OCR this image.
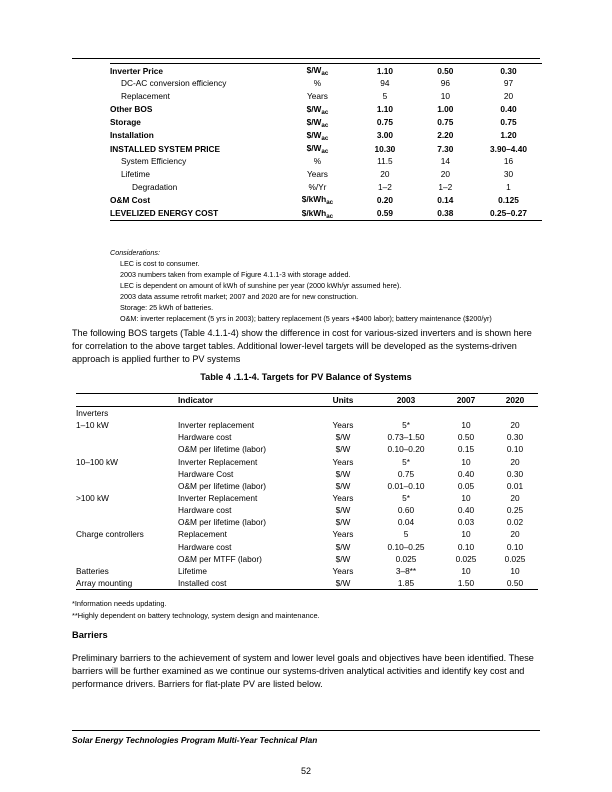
Inverter Price	$\$/W_{ac}$	1.10	0.50	0.30
DC-AC conversion efficiency	%	94	96	97
Replacement	Years	5	10	20
Other BOS	$\$/W_{ac}$	1.10	1.00	0.40
Storage	$\$/W_{ac}$	0.75	0.75	0.75
Installation	$\$/W_{ac}$	3.00	2.20	1.20
INSTALLED SYSTEM PRICE	$\$/W_{ac}$	10.30	7.30	3.90–4.40
System Efficiency	%	11.5	14	16
Lifetime	Years	20	20	30
Degradation	%/Yr	1–2	1–2	1
O&M Cost	$/kWh$_{ac}$	0.20	0.14	0.125
LEVELIZED ENERGY COST	$/kWh$_{ac}$	0.59	0.38	0.25–0.27
Considerations:
LEC is cost to consumer.
2003 numbers taken from example of Figure 4.1.1-3 with storage added.
LEC is dependent on amount of kWh of sunshine per year (2000 kWh/yr assumed here).
2003 data assume retrofit market; 2007 and 2020 are for new construction.
Storage: 25 kWh of batteries.
O&M: inverter replacement (5 yrs in 2003); battery replacement (5 years +$400 labor); battery maintenance ($200/yr)
The following BOS targets (Table 4.1.1-4) show the difference in cost for various-sized inverters and is shown here for correlation to the above target tables. Additional lower-level targets will be developed as the systems-driven approach is applied further to PV systems
Table 4 .1.1-4. Targets for PV Balance of Systems
	Indicator	Units	2003	2007	2020
Inverters					
1–10 kW	Inverter replacement	Years	5*	10	20
	Hardware cost	$/W	0.73–1.50	0.50	0.30
	O&M per lifetime (labor)	$/W	0.10–0.20	0.15	0.10
10–100 kW	Inverter Replacement	Years	5*	10	20
	Hardware Cost	$/W	0.75	0.40	0.30
	O&M per lifetime (labor)	$/W	0.01–0.10	0.05	0.01
>100 kW	Inverter Replacement	Years	5*	10	20
	Hardware cost	$/W	0.60	0.40	0.25
	O&M per lifetime (labor)	$/W	0.04	0.03	0.02
Charge controllers	Replacement	Years	5	10	20
	Hardware cost	$/W	0.10–0.25	0.10	0.10
	O&M per MTFF (labor)	$/W	0.025	0.025	0.025
Batteries	Lifetime	Years	3–8**	10	10
Array mounting	Installed cost	$/W	1.85	1.50	0.50
*Information needs updating.
**Highly dependent on battery technology, system design and maintenance.
Barriers
Preliminary barriers to the achievement of system and lower level goals and objectives have been identified. These barriers will be further examined as we continue our systems-driven analytical activities and identify key cost and performance drivers. Barriers for flat-plate PV are listed below.
Solar Energy Technologies Program Multi-Year Technical Plan
52
